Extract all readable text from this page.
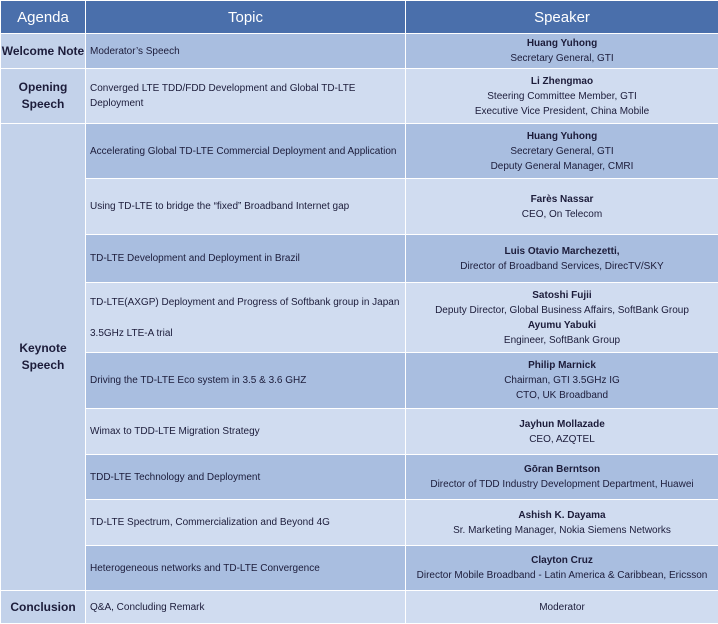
Agenda	Topic	Speaker
Welcome Note	Moderator’s Speech	Huang Yuhong
Secretary General, GTI

Opening Speech	Converged LTE TDD/FDD Development and Global TD-LTE Deployment	Li Zhengmao
Steering Committee Member, GTI
Executive Vice President, China Mobile

Keynote Speech	Accelerating Global TD-LTE Commercial Deployment and Application	Huang Yuhong
Secretary General, GTI
Deputy General Manager, CMRI

	Using TD-LTE to bridge the “fixed” Broadband Internet gap	Farès Nassar
CEO, On Telecom

	TD-LTE Development and Deployment in Brazil	Luis Otavio Marchezetti,
Director of Broadband Services, DirecTV/SKY

	TD-LTE(AXGP) Deployment and Progress of Softbank group in Japan
3.5GHz LTE-A trial	Satoshi Fujii
Deputy Director, Global Business Affairs, SoftBank Group
Ayumu Yabuki
Engineer, SoftBank Group

	Driving the TD-LTE Eco system in 3.5 & 3.6 GHZ	Philip Marnick
Chairman, GTI 3.5GHz IG
CTO, UK Broadband

	Wimax to TDD-LTE Migration Strategy	Jayhun Mollazade
CEO, AZQTEL

	TDD-LTE Technology and Deployment	Gōran Berntson
Director of TDD Industry Development Department, Huawei

	TD-LTE Spectrum, Commercialization and Beyond 4G	Ashish K. Dayama
Sr. Marketing Manager, Nokia Siemens Networks

	Heterogeneous networks and TD-LTE Convergence	Clayton Cruz
Director Mobile Broadband - Latin America & Caribbean, Ericsson

Conclusion	Q&A, Concluding Remark	Moderator
